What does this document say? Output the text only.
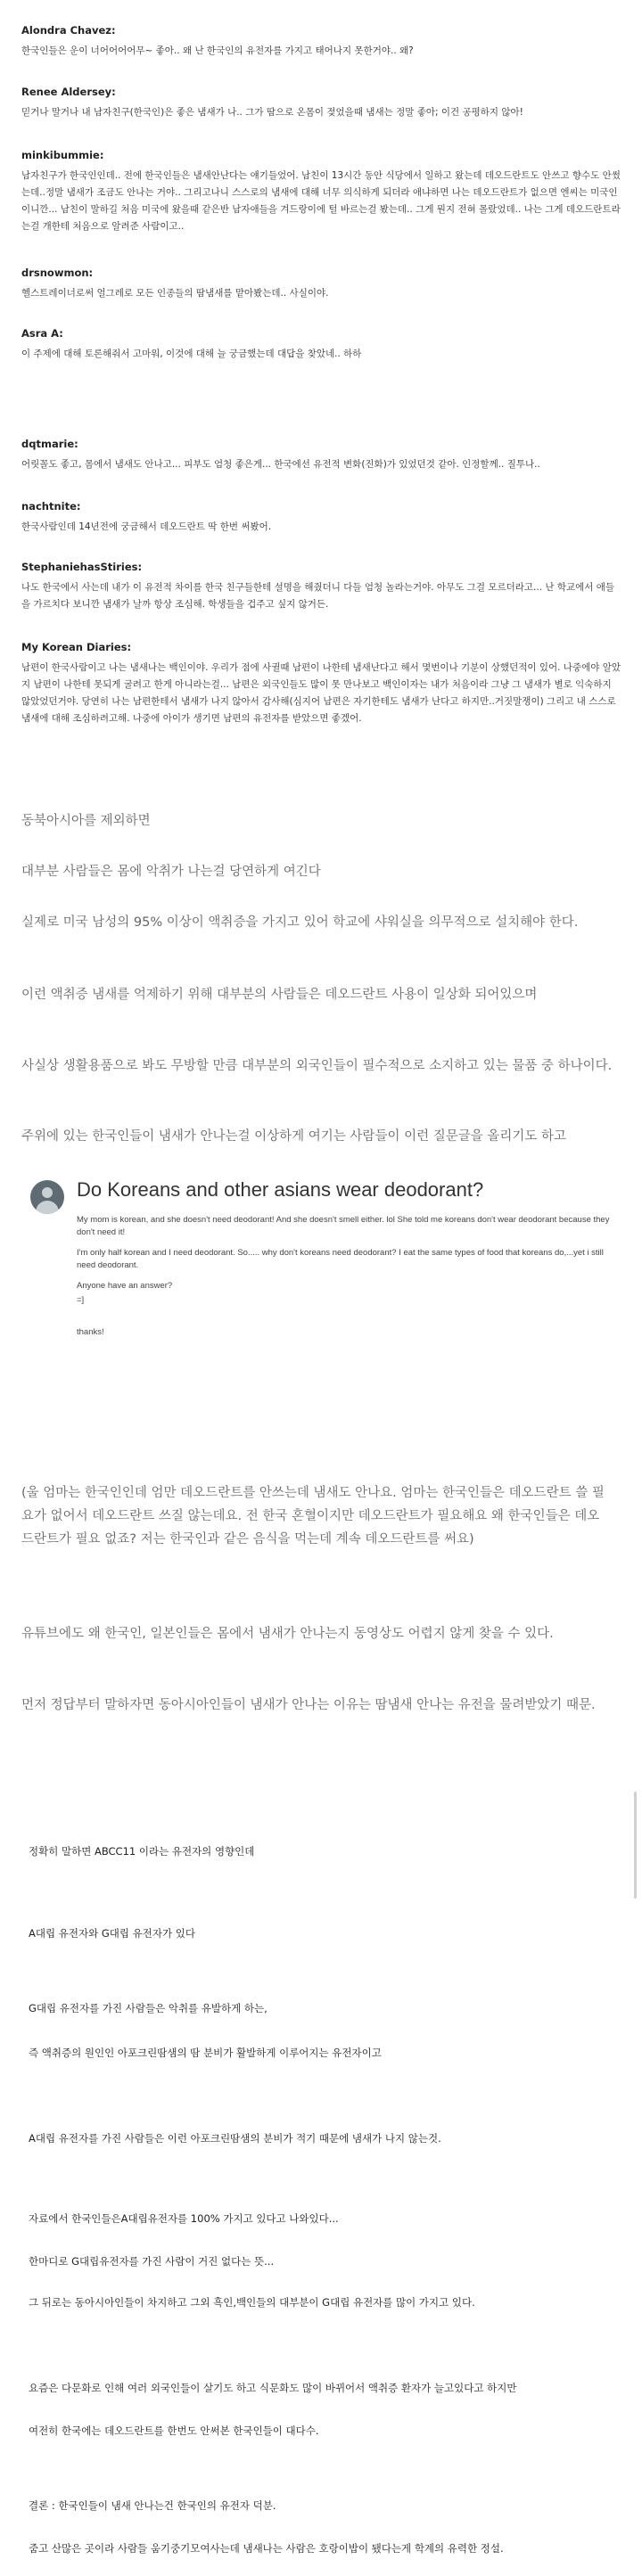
Alondra Chavez:
한국인들은 운이 너어어어어무~ 좋아.. 왜 난 한국인의 유전자를 가지고 태어나지 못한거야.. 왜?
Renee Aldersey:
믿거나 말거나 내 남자친구(한국인)은 좋은 냄새가 나.. 그가 땀으로 온몸이 젖었을때 냄새는 정말 좋아; 이건 공평하지 않아!
minkibummie:
남자친구가 한국인인데.. 전에 한국인들은 냄새안난다는 얘기들었어. 남친이 13시간 동안 식당에서 일하고 왔는데 데오드란트도 안쓰고 향수도 안썼는데..정말 냄새가 조금도 안나는 거야.. 그리고나니 스스로의 냄새에 대해 너무 의식하게 되더라 애냐하면 나는 데오드란트가 없으면 엔씨는 미국인이니깐... 남친이 말하길 처음 미국에 왔을때 같은반 남자애들을 겨드랑이에 털 바르는걸 봤는데.. 그게 뭔지 전혀 몰랐었데.. 나는 그게 데오드란트라는걸 개한테 처음으로 알려준 사람이고..
drsnowmon:
헬스트레이너로써 얼그레로 모든 인종들의 땀냄새를 맡아봤는데.. 사실이야.
Asra A:
이 주제에 대해 토론해줘서 고마워, 이것에 대해 늘 궁금했는데 대답을 찾았네.. 하하
dqtmarie:
어릿꼴도 좋고, 몸에서 냄새도 안나고... 피부도 엄청 좋은게... 한국에선 유전적 변화(진화)가 있었던것 같아. 인정할께.. 질투나..
nachtnite:
한국사람인데 14년전에 궁금해서 데오드란트 딱 한번 써봤어.
StephaniehasStiries:
나도 한국에서 사는데 내가 이 유전적 차이를 한국 친구들한테 설명을 해줬더니 다들 엄청 놀라는거야. 아무도 그걸 모르더라고... 난 학교에서 애들을 가르치다 보니깐 냄새가 날까 항상 조심해. 학생들을 겁주고 싶지 않거든.
My Korean Diaries:
남편이 한국사람이고 나는 냄새나는 백인이야. 우리가 점에 사귈때 남편이 나한테 냄새난다고 해서 몇번이나 기분이 상했던적이 있어. 나중에야 알았지 남편이 나한테 못되게 굴려고 한게 아니라는걸... 남편은 외국인들도 많이 못 만나보고 백인이자는 내가 처음이라 그냥 그 냄새가 별로 익숙하지 않았었던거야. 당연히 나는 남편한테서 냄새가 나지 않아서 감사해(심지어 남편은 자기한테도 냄새가 난다고 하지만..거짓말쟁이) 그리고 내 스스로 냄새에 대해 조심하려고해. 나중에 아이가 생기면 남편의 유전자를 받았으면 좋겠어.
동북아시아를 제외하면
대부분 사람들은 몸에 악취가 나는걸 당연하게 여긴다
실제로 미국 남성의 95% 이상이 액취증을 가지고 있어 학교에 샤워실을 의무적으로 설치해야 한다.
이런 액취증 냄새를 억제하기 위해 대부분의 사람들은 데오드란트 사용이 일상화 되어있으며
사실상 생활용품으로 봐도 무방할 만큼 대부분의 외국인들이 필수적으로 소지하고 있는 물품 중 하나이다.
주위에 있는 한국인들이 냄새가 안나는걸 이상하게 여기는 사람들이 이런 질문글을 올리기도 하고
Do Koreans and other asians wear deodorant?

My mom is korean, and she doesn't need deodorant! And she doesn't smell either. lol She told me koreans don't wear deodorant because they don't need it!

I'm only half korean and I need deodorant. So..... why don't koreans need deodorant? I eat the same types of food that koreans do,...yet i still need deodorant.

Anyone have an answer?

=]

thanks!

(울 엄마는 한국인인데 엄만 데오드란트를 안쓰는데 냄새도 안나요. 엄마는 한국인들은 데오드란트 쓸 필요가 없어서 데오드란트 쓰질 않는데요. 전 한국 혼혈이지만 데오드란트가 필요해요 왜 한국인들은 데오드란트가 필요 없죠? 저는 한국인과 같은 음식을 먹는데 계속 데오드란트를 써요)
유튜브에도 왜 한국인, 일본인들은 몸에서 냄새가 안나는지 동영상도 어렵지 않게 찾을 수 있다.
먼저 정답부터 말하자면 동아시아인들이 냄새가 안나는 이유는 땀냄새 안나는 유전을 물려받았기 때문.
정확히 말하면 ABCC11 이라는 유전자의 영향인데
A대립 유전자와 G대립 유전자가 있다
G대립 유전자를 가진 사람들은 악취를 유발하게 하는,
즉 액취증의 원인인 아포크린땀샘의 땀 분비가 활발하게 이루어지는 유전자이고
A대립 유전자를 가진 사람들은 이런 아포크린땀샘의 분비가 적기 때문에 냄새가 나지 않는것.
자료에서 한국인들은A대립유전자를 100% 가지고 있다고 나와있다...
한마디로 G대립유전자를 가진 사람이 거진 없다는 뜻...
그 뒤로는 동아시아인들이 차지하고 그외 흑인,백인들의 대부분이 G대립 유전자를 많이 가지고 있다.
요즘은 다문화로 인해 여러 외국인들이 살기도 하고 식문화도 많이 바뀌어서 액취증 환자가 늘고있다고 하지만
여전히 한국에는 데오드란트를 한번도 안써본 한국인들이 대다수.
결론 : 한국인들이 냄새 안나는건 한국인의 유전자 덕분.
줌고 산많은 곳이라 사람들 움기중기모여사는데 냄새나는 사람은 호랑이밥이 됐다는게 학계의 유력한 정설.
